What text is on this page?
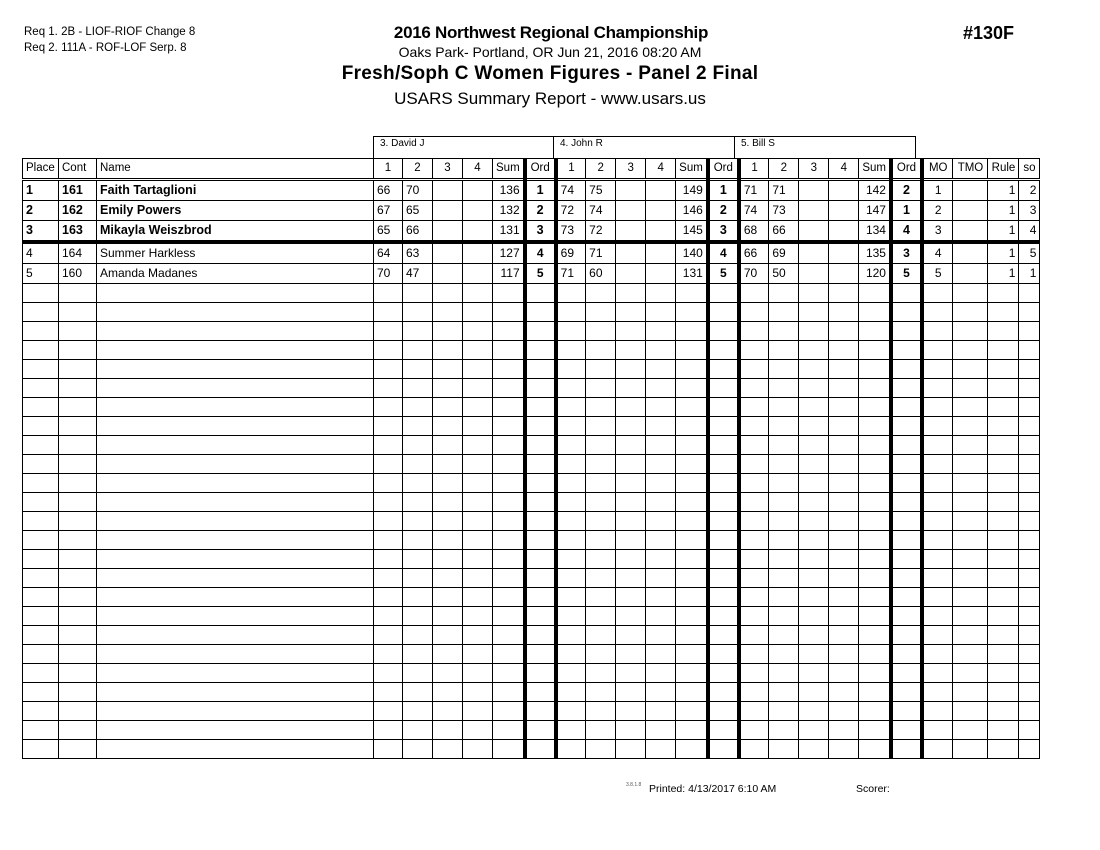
Req 1. 2B - LIOF-RIOF Change 8
Req 2. 111A - ROF-LOF Serp. 8
2016 Northwest Regional Championship
Oaks Park- Portland, OR Jun 21, 2016 08:20 AM
Fresh/Soph C Women Figures - Panel 2 Final
USARS Summary Report - www.usars.us
#130F
3. David J	4. John R	5. Bill S
Place	Cont	Name	1	2	3	4	Sum	Ord	1	2	3	4	Sum	Ord	1	2	3	4	Sum	Ord	MO	TMO	Rule	so
1	161	Faith Tartaglioni	66	70			136	1	74	75			149	1	71	71			142	2	1		1	2
2	162	Emily Powers	67	65			132	2	72	74			146	2	74	73			147	1	2		1	3
3	163	Mikayla Weiszbrod	65	66			131	3	73	72			145	3	68	66			134	4	3		1	4
4	164	Summer Harkless	64	63			127	4	69	71			140	4	66	69			135	3	4		1	5
5	160	Amanda Madanes	70	47			117	5	71	60			131	5	70	50			120	5	5		1	1

3.8.1.8 Printed: 4/13/2017 6:10 AM	Scorer:
